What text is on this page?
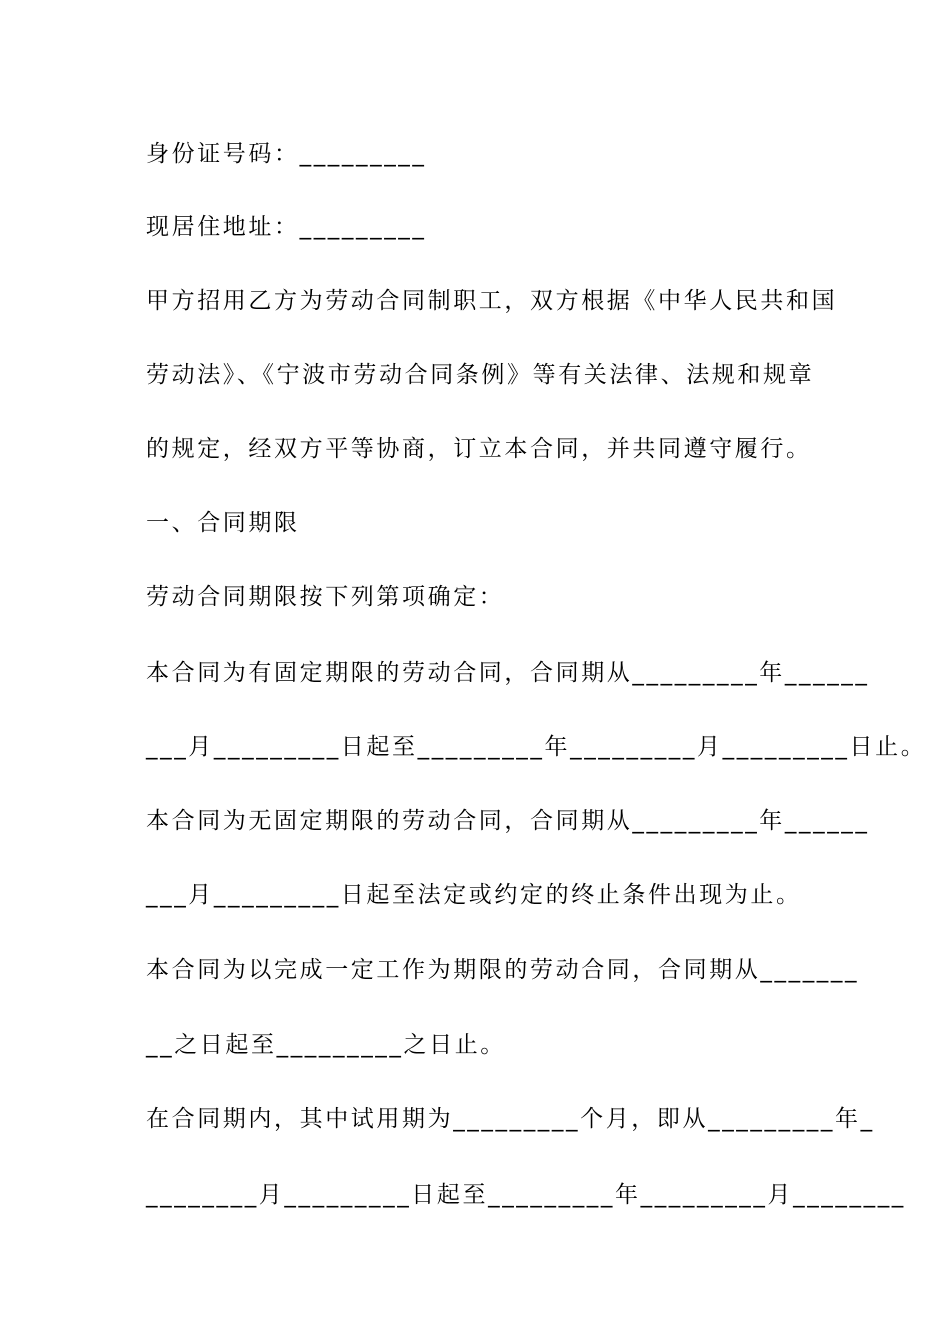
身份证号码：_________
现居住地址：_________
甲方招用乙方为劳动合同制职工，双方根据《中华人民共和国
劳动法》、《宁波市劳动合同条例》等有关法律、法规和规章
的规定，经双方平等协商，订立本合同，并共同遵守履行。
一、合同期限
劳动合同期限按下列第项确定：
本合同为有固定期限的劳动合同，合同期从_________年______
___月_________日起至_________年_________月_________日止。
本合同为无固定期限的劳动合同，合同期从_________年______
___月_________日起至法定或约定的终止条件出现为止。
本合同为以完成一定工作为期限的劳动合同，合同期从_______
__之日起至_________之日止。
在合同期内，其中试用期为_________个月，即从_________年_
________月_________日起至_________年_________月________
